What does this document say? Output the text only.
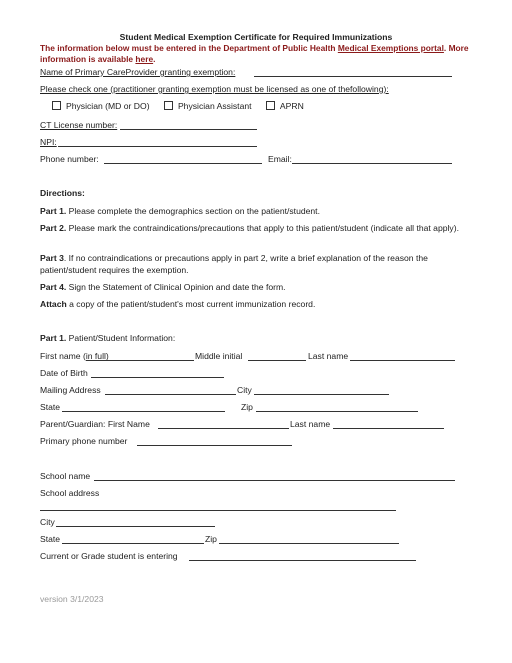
Student Medical Exemption Certificate for Required Immunizations
The information below must be entered in the Department of Public Health Medical Exemptions portal. More information is available here.
Name of Primary CareProvider granting exemption:
Please check one (practitioner granting exemption must be licensed as one of thefollowing):
Physician (MD or DO)	Physician Assistant	APRN
CT License number:
NPI:
Phone number:	Email:
Directions:
Part 1. Please complete the demographics section on the patient/student.
Part 2. Please mark the contraindications/precautions that apply to this patient/student (indicate all that apply).
Part 3. If no contraindications or precautions apply in part 2, write a brief explanation of the reason the patient/student requires the exemption.
Part 4. Sign the Statement of Clinical Opinion and date the form.
Attach a copy of the patient/student's most current immunization record.
Part 1. Patient/Student Information:
First name (in full)	Middle initial	Last name
Date of Birth
Mailing Address	City
State	Zip
Parent/Guardian: First Name	Last name
Primary phone number
School name
School address
City
State	Zip
Current or Grade student is entering
version 3/1/2023
